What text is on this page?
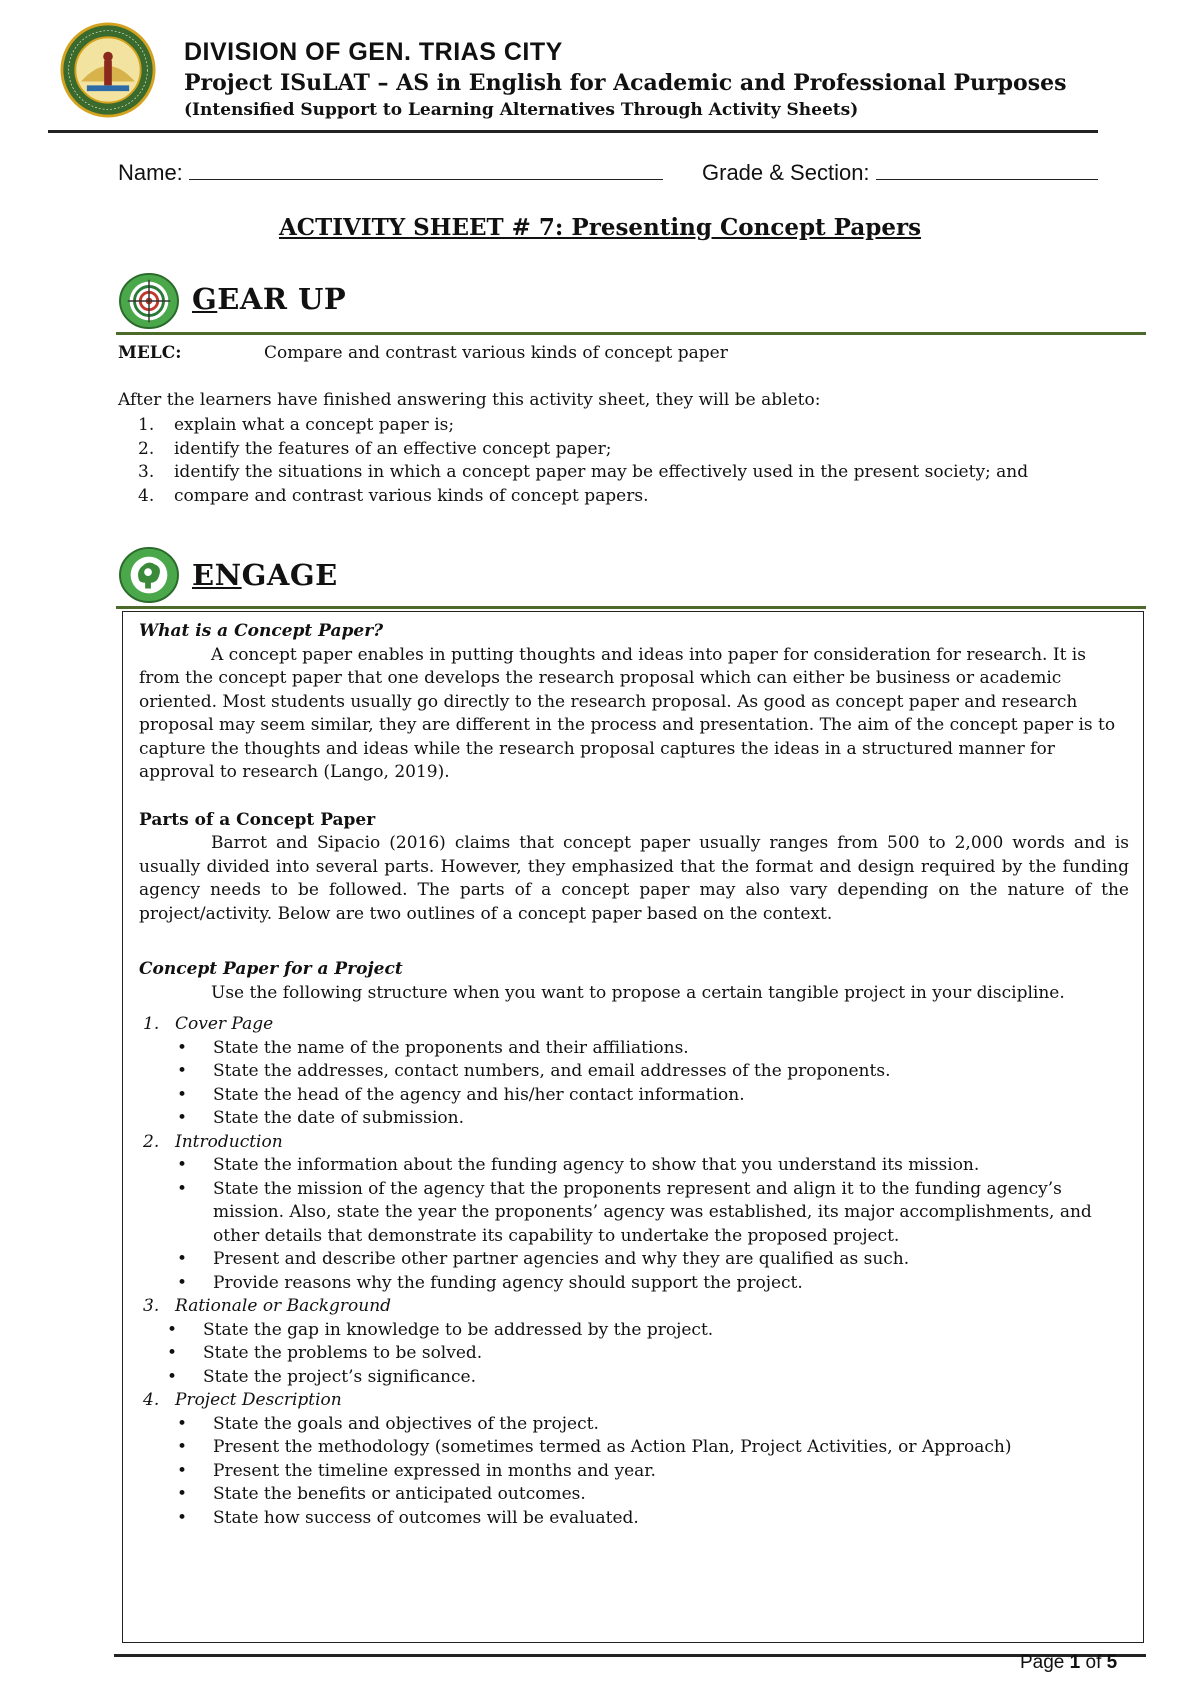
DIVISION OF GEN. TRIAS CITY
Project ISuLAT – AS in English for Academic and Professional Purposes
(Intensified Support to Learning Alternatives Through Activity Sheets)
Name:	Grade & Section:
ACTIVITY SHEET # 7: Presenting Concept Papers
GEAR UP
MELC:	Compare and contrast various kinds of concept paper
After the learners have finished answering this activity sheet, they will be ableto:
1. explain what a concept paper is;
2. identify the features of an effective concept paper;
3. identify the situations in which a concept paper may be effectively used in the present society; and
4. compare and contrast various kinds of concept papers.
ENGAGE

What is a Concept Paper?

A concept paper enables in putting thoughts and ideas into paper for consideration for research. It is from the concept paper that one develops the research proposal which can either be business or academic oriented. Most students usually go directly to the research proposal. As good as concept paper and research proposal may seem similar, they are different in the process and presentation. The aim of the concept paper is to capture the thoughts and ideas while the research proposal captures the ideas in a structured manner for approval to research (Lango, 2019).

Parts of a Concept Paper

Barrot and Sipacio (2016) claims that concept paper usually ranges from 500 to 2,000 words and is usually divided into several parts. However, they emphasized that the format and design required by the funding agency needs to be followed. The parts of a concept paper may also vary depending on the nature of the project/activity. Below are two outlines of a concept paper based on the context.

Concept Paper for a Project

Use the following structure when you want to propose a certain tangible project in your discipline.

1. Cover Page
• State the name of the proponents and their affiliations.
• State the addresses, contact numbers, and email addresses of the proponents.
• State the head of the agency and his/her contact information.
• State the date of submission.
2. Introduction
• State the information about the funding agency to show that you understand its mission.
• State the mission of the agency that the proponents represent and align it to the funding agency’s mission. Also, state the year the proponents’ agency was established, its major accomplishments, and other details that demonstrate its capability to undertake the proposed project.
• Present and describe other partner agencies and why they are qualified as such.
• Provide reasons why the funding agency should support the project.
3. Rationale or Background
• State the gap in knowledge to be addressed by the project.
• State the problems to be solved.
• State the project’s significance.
4. Project Description
• State the goals and objectives of the project.
• Present the methodology (sometimes termed as Action Plan, Project Activities, or Approach)
• Present the timeline expressed in months and year.
• State the benefits or anticipated outcomes.
• State how success of outcomes will be evaluated.
Page 1 of 5
